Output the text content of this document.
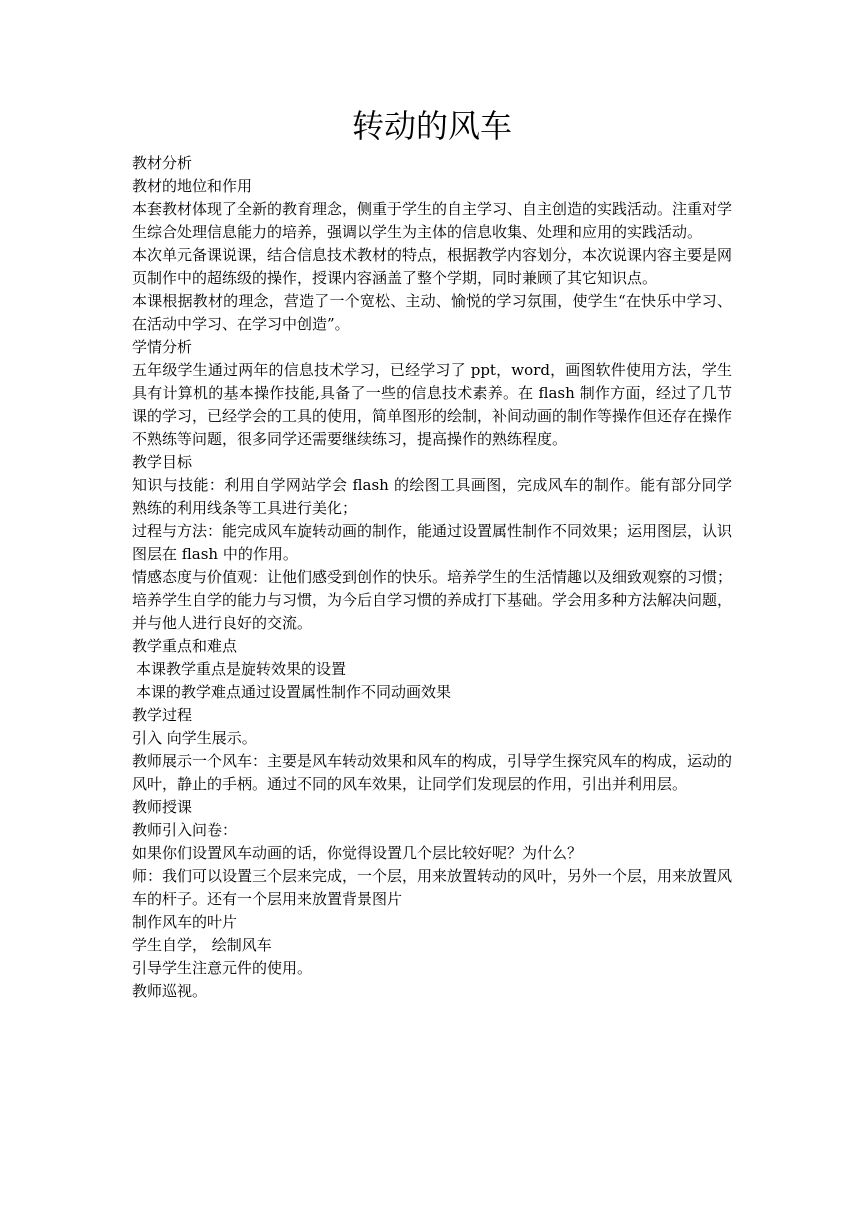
转动的风车

教材分析

教材的地位和作用

本套教材体现了全新的教育理念，侧重于学生的自主学习、自主创造的实践活动。注重对学生综合处理信息能力的培养，强调以学生为主体的信息收集、处理和应用的实践活动。

本次单元备课说课，结合信息技术教材的特点，根据教学内容划分，本次说课内容主要是网页制作中的超练级的操作，授课内容涵盖了整个学期，同时兼顾了其它知识点。

本课根据教材的理念，营造了一个宽松、主动、愉悦的学习氛围，使学生“在快乐中学习、在活动中学习、在学习中创造”。

学情分析

五年级学生通过两年的信息技术学习，已经学习了 ppt，word，画图软件使用方法，学生具有计算机的基本操作技能,具备了一些的信息技术素养。在 flash 制作方面，经过了几节课的学习，已经学会的工具的使用，简单图形的绘制，补间动画的制作等操作但还存在操作不熟练等问题，很多同学还需要继续练习，提高操作的熟练程度。

教学目标

知识与技能：利用自学网站学会 flash 的绘图工具画图，完成风车的制作。能有部分同学熟练的利用线条等工具进行美化；

过程与方法：能完成风车旋转动画的制作，能通过设置属性制作不同效果；运用图层，认识图层在 flash 中的作用。

情感态度与价值观：让他们感受到创作的快乐。培养学生的生活情趣以及细致观察的习惯；

培养学生自学的能力与习惯，为今后自学习惯的养成打下基础。学会用多种方法解决问题，并与他人进行良好的交流。

教学重点和难点

本课教学重点是旋转效果的设置

本课的教学难点通过设置属性制作不同动画效果

教学过程

引入 向学生展示。

教师展示一个风车：主要是风车转动效果和风车的构成，引导学生探究风车的构成，运动的风叶，静止的手柄。通过不同的风车效果，让同学们发现层的作用，引出并利用层。

教师授课

教师引入问卷：

如果你们设置风车动画的话，你觉得设置几个层比较好呢？为什么？

师：我们可以设置三个层来完成，一个层，用来放置转动的风叶，另外一个层，用来放置风车的杆子。还有一个层用来放置背景图片

制作风车的叶片

学生自学， 绘制风车

引导学生注意元件的使用。

教师巡视。
